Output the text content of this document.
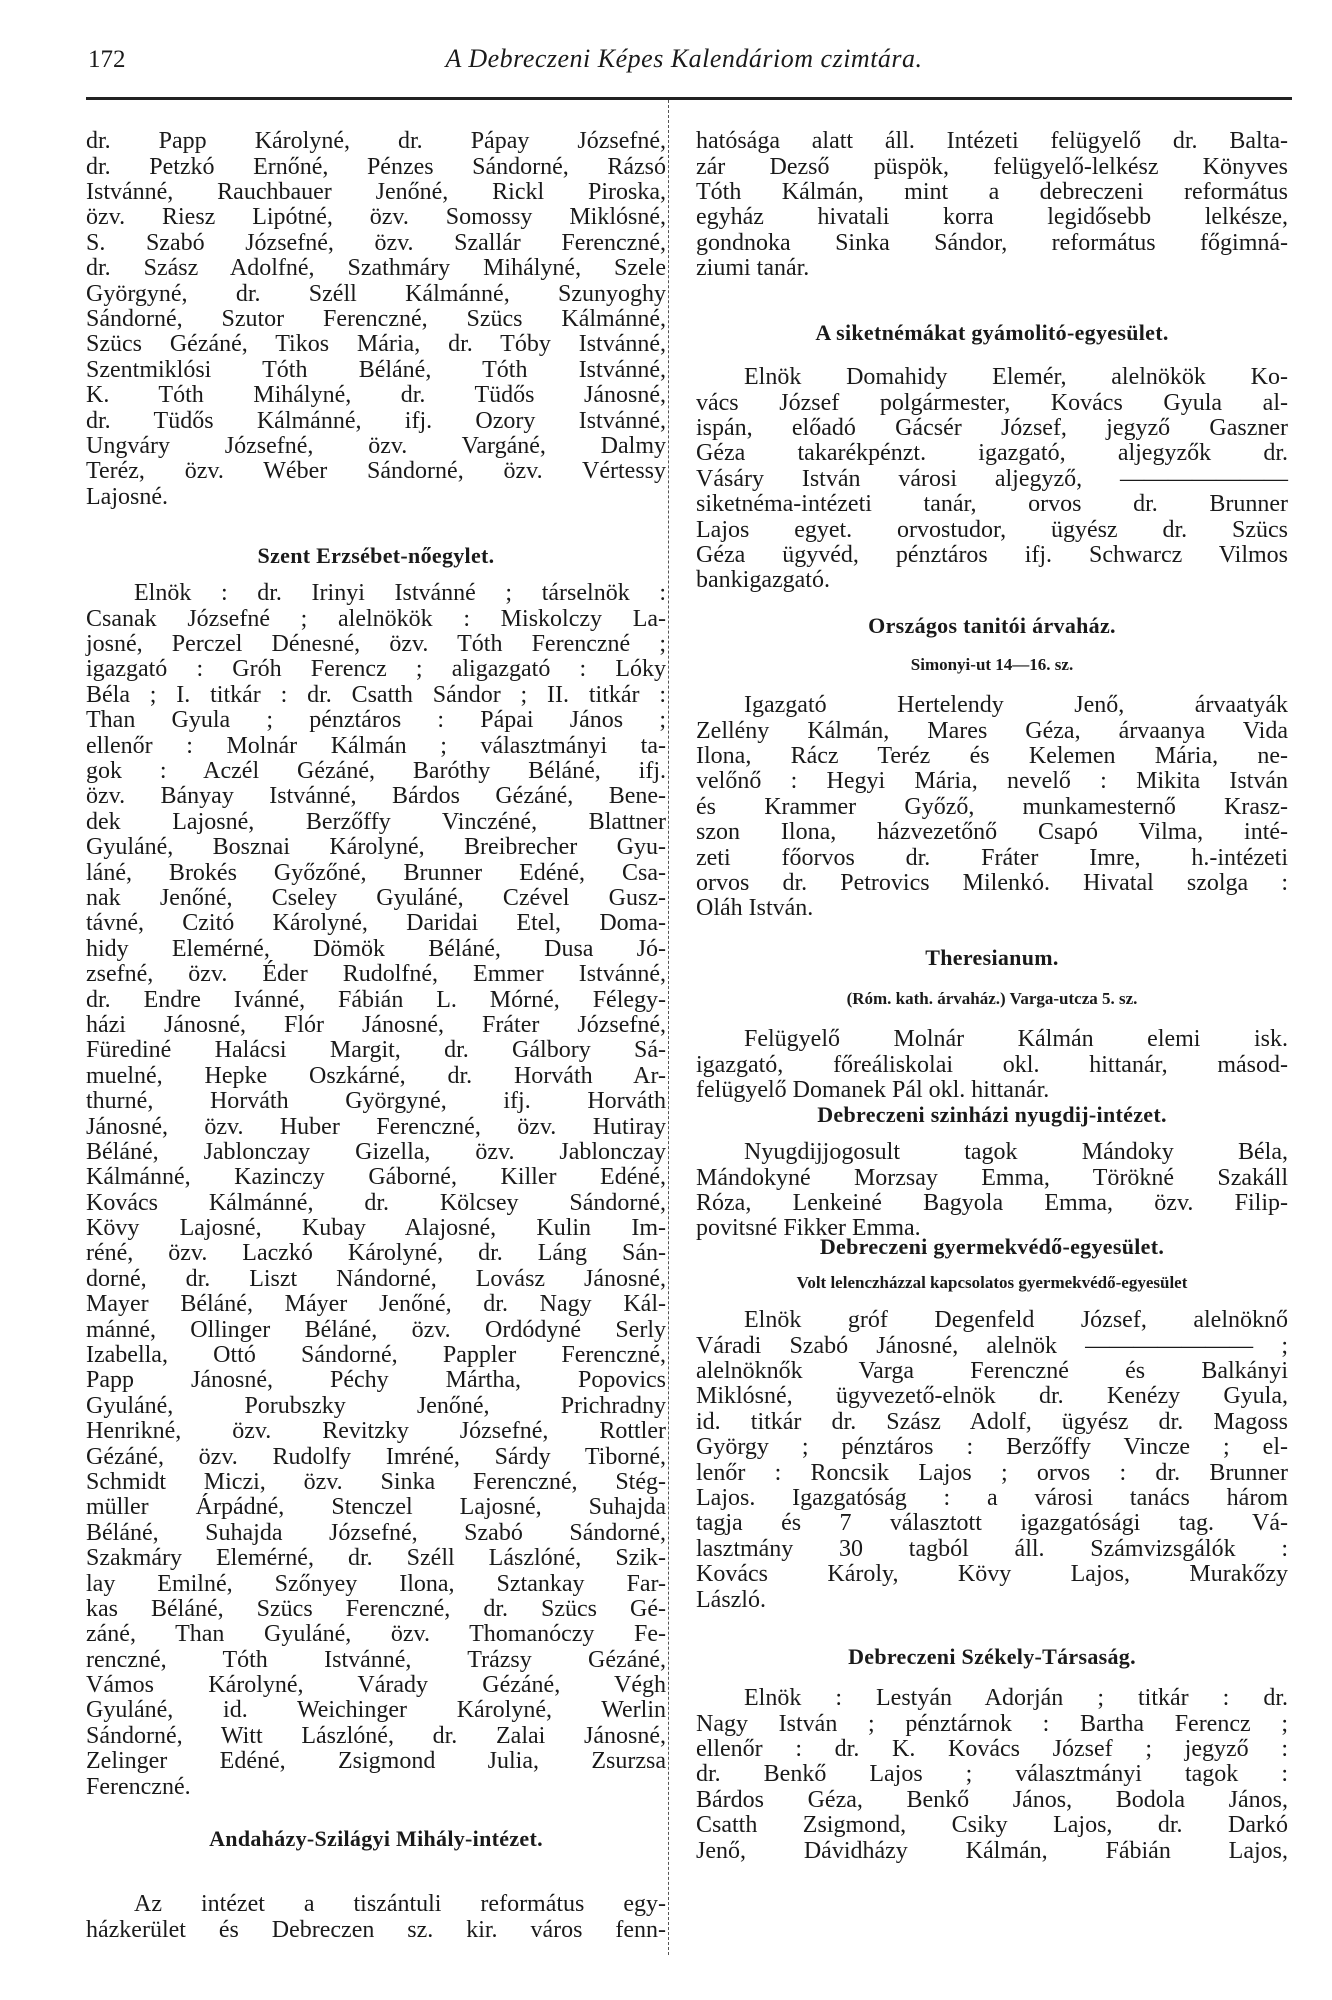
172	A Debreczeni Képes Kalendáriom czimtára.
dr. Papp Károlyné, dr. Pápay Józsefné,
dr. Petzkó Ernőné, Pénzes Sándorné, Rázsó
Istvánné, Rauchbauer Jenőné, Rickl Piroska,
özv. Riesz Lipótné, özv. Somossy Miklósné,
S. Szabó Józsefné, özv. Szallár Ferenczné,
dr. Szász Adolfné, Szathmáry Mihályné, Szele
Györgyné, dr. Széll Kálmánné, Szunyoghy
Sándorné, Szutor Ferenczné, Szücs Kálmánné,
Szücs Gézáné, Tikos Mária, dr. Tóby Istvánné,
Szentmiklósi Tóth Béláné, Tóth Istvánné,
K. Tóth Mihályné, dr. Tüdős Jánosné,
dr. Tüdős Kálmánné, ifj. Ozory Istvánné,
Ungváry Józsefné, özv. Vargáné, Dalmy
Teréz, özv. Wéber Sándorné, özv. Vértessy
Lajosné.
Szent Erzsébet-nőegylet.
Elnök : dr. Irinyi Istvánné ; társelnök :
Csanak Józsefné ; alelnökök : Miskolczy La-
josné, Perczel Dénesné, özv. Tóth Ferenczné ;
igazgató : Gróh Ferencz ; aligazgató : Lóky
Béla ; I. titkár : dr. Csatth Sándor ; II. titkár :
Than Gyula ; pénztáros : Pápai János ;
ellenőr : Molnár Kálmán ; választmányi ta-
gok : Aczél Gézáné, Baróthy Béláné, ifj.
özv. Bányay Istvánné, Bárdos Gézáné, Bene-
dek Lajosné, Berzőffy Vinczéné, Blattner
Gyuláné, Bosznai Károlyné, Breibrecher Gyu-
láné, Brokés Győzőné, Brunner Edéné, Csa-
nak Jenőné, Cseley Gyuláné, Czével Gusz-
távné, Czitó Károlyné, Daridai Etel, Doma-
hidy Elemérné, Dömök Béláné, Dusa Jó-
zsefné, özv. Éder Rudolfné, Emmer Istvánné,
dr. Endre Ivánné, Fábián L. Mórné, Félegy-
házi Jánosné, Flór Jánosné, Fráter Józsefné,
Fürediné Halácsi Margit, dr. Gálbory Sá-
muelné, Hepke Oszkárné, dr. Horváth Ar-
thurné, Horváth Györgyné, ifj. Horváth
Jánosné, özv. Huber Ferenczné, özv. Hutiray
Béláné, Jablonczay Gizella, özv. Jablonczay
Kálmánné, Kazinczy Gáborné, Killer Edéné,
Kovács Kálmánné, dr. Kölcsey Sándorné,
Kövy Lajosné, Kubay Alajosné, Kulin Im-
réné, özv. Laczkó Károlyné, dr. Láng Sán-
dorné, dr. Liszt Nándorné, Lovász Jánosné,
Mayer Béláné, Máyer Jenőné, dr. Nagy Kál-
mánné, Ollinger Béláné, özv. Ordódyné Serly
Izabella, Ottó Sándorné, Pappler Ferenczné,
Papp Jánosné, Péchy Mártha, Popovics
Gyuláné, Porubszky Jenőné, Prichradny
Henrikné, özv. Revitzky Józsefné, Rottler
Gézáné, özv. Rudolfy Imréné, Sárdy Tiborné,
Schmidt Miczi, özv. Sinka Ferenczné, Stég-
müller Árpádné, Stenczel Lajosné, Suhajda
Béláné, Suhajda Józsefné, Szabó Sándorné,
Szakmáry Elemérné, dr. Széll Lászlóné, Szik-
lay Emilné, Szőnyey Ilona, Sztankay Far-
kas Béláné, Szücs Ferenczné, dr. Szücs Gé-
záné, Than Gyuláné, özv. Thomanóczy Fe-
renczné, Tóth Istvánné, Trázsy Gézáné,
Vámos Károlyné, Várady Gézáné, Végh
Gyuláné, id. Weichinger Károlyné, Werlin
Sándorné, Witt Lászlóné, dr. Zalai Jánosné,
Zelinger Edéné, Zsigmond Julia, Zsurzsa
Ferenczné.
Andaházy-Szilágyi Mihály-intézet.
Az intézet a tiszántuli református egy-
házkerület és Debreczen sz. kir. város fenn-
hatósága alatt áll. Intézeti felügyelő dr. Balta-
zár Dezső püspök, felügyelő-lelkész Könyves
Tóth Kálmán, mint a debreczeni református
egyház hivatali korra legidősebb lelkésze,
gondnoka Sinka Sándor, református főgimná-
ziumi tanár.
A siketnémákat gyámolitó-egyesület.
Elnök Domahidy Elemér, alelnökök Ko-
vács József polgármester, Kovács Gyula al-
ispán, előadó Gácsér József, jegyző Gaszner
Géza takarékpénzt. igazgató, aljegyzők dr.
Vásáry István városi aljegyző, ———————
siketnéma-intézeti tanár, orvos dr. Brunner
Lajos egyet. orvostudor, ügyész dr. Szücs
Géza ügyvéd, pénztáros ifj. Schwarcz Vilmos
bankigazgató.
Országos tanitói árvaház.
Simonyi-ut 14—16. sz.
Igazgató Hertelendy Jenő, árvaatyák
Zellény Kálmán, Mares Géza, árvaanya Vida
Ilona, Rácz Teréz és Kelemen Mária, ne-
velőnő : Hegyi Mária, nevelő : Mikita István
és Krammer Győző, munkamesternő Krasz-
szon Ilona, házvezetőnő Csapó Vilma, inté-
zeti főorvos dr. Fráter Imre, h.-intézeti
orvos dr. Petrovics Milenkó. Hivatal szolga :
Oláh István.
Theresianum.
(Róm. kath. árvaház.) Varga-utcza 5. sz.
Felügyelő Molnár Kálmán elemi isk.
igazgató, főreáliskolai okl. hittanár, másod-
felügyelő Domanek Pál okl. hittanár.
Debreczeni szinházi nyugdij-intézet.
Nyugdijjogosult tagok Mándoky Béla,
Mándokyné Morzsay Emma, Törökné Szakáll
Róza, Lenkeiné Bagyola Emma, özv. Filip-
povitsné Fikker Emma.
Debreczeni gyermekvédő-egyesület.
Volt lelenczházzal kapcsolatos gyermekvédő-egyesület
Elnök gróf Degenfeld József, alelnöknő
Váradi Szabó Jánosné, alelnök ——————— ;
alelnöknők Varga Ferenczné és Balkányi
Miklósné, ügyvezető-elnök dr. Kenézy Gyula,
id. titkár dr. Szász Adolf, ügyész dr. Magoss
György ; pénztáros : Berzőffy Vincze ; el-
lenőr : Roncsik Lajos ; orvos : dr. Brunner
Lajos. Igazgatóság : a városi tanács három
tagja és 7 választott igazgatósági tag. Vá-
lasztmány 30 tagból áll. Számvizsgálók :
Kovács Károly, Kövy Lajos, Murakőzy
László.
Debreczeni Székely-Társaság.
Elnök : Lestyán Adorján ; titkár : dr.
Nagy István ; pénztárnok : Bartha Ferencz ;
ellenőr : dr. K. Kovács József ; jegyző :
dr. Benkő Lajos ; választmányi tagok :
Bárdos Géza, Benkő János, Bodola János,
Csatth Zsigmond, Csiky Lajos, dr. Darkó
Jenő, Dávidházy Kálmán, Fábián Lajos,
